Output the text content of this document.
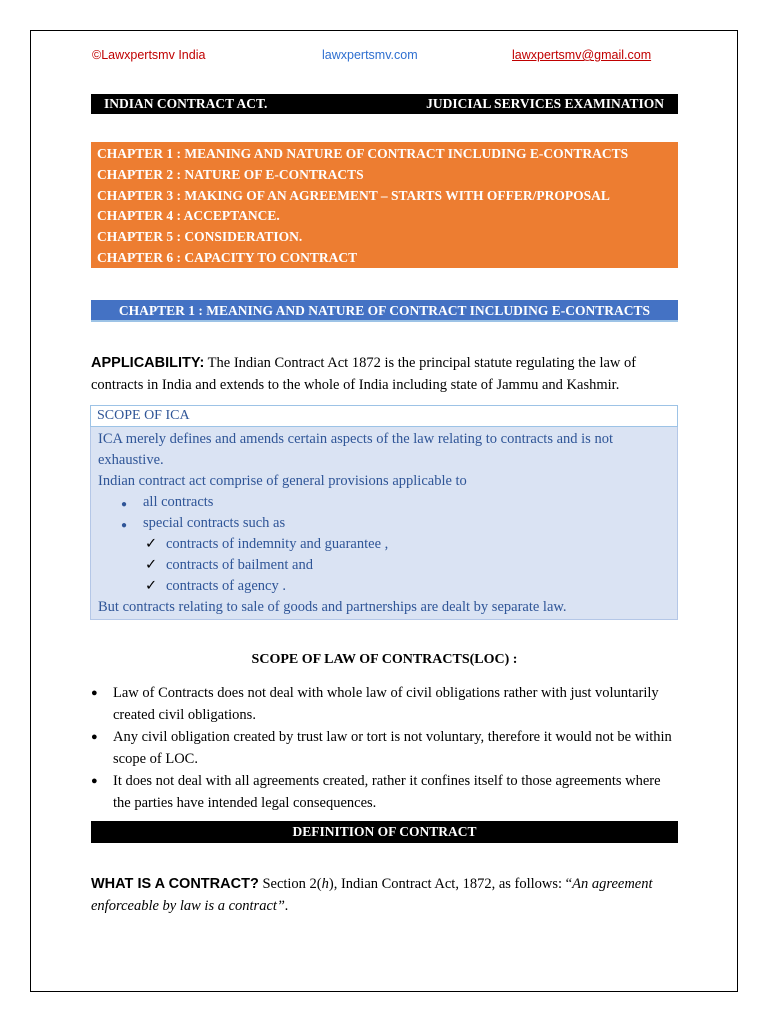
©Lawxpertsmv India	lawxpertsmv.com	lawxpertsmv@gmail.com
INDIAN CONTRACT ACT.	JUDICIAL SERVICES EXAMINATION
CHAPTER 1 : MEANING AND NATURE OF CONTRACT INCLUDING E-CONTRACTS
CHAPTER 2 : NATURE OF E-CONTRACTS
CHAPTER 3 : MAKING OF AN AGREEMENT – STARTS WITH OFFER/PROPOSAL
CHAPTER 4 : ACCEPTANCE.
CHAPTER 5 : CONSIDERATION.
CHAPTER 6 : CAPACITY TO CONTRACT
CHAPTER 1 : MEANING AND NATURE OF CONTRACT INCLUDING E-CONTRACTS
APPLICABILITY: The Indian Contract Act 1872 is the principal statute regulating the law of contracts in India and extends to the whole of India including state of Jammu and Kashmir.
SCOPE OF ICA
ICA merely defines and amends certain aspects of the law relating to contracts and is not
exhaustive.
Indian contract act comprise of general provisions applicable to
● all contracts
● special contracts such as
✓ contracts of indemnity and guarantee ,
✓ contracts of bailment and
✓ contracts of agency .
But contracts relating to sale of goods and partnerships are dealt by separate law.
SCOPE OF LAW OF CONTRACTS(LOC) :
● Law of Contracts does not deal with whole law of civil obligations rather with just voluntarily created civil obligations.
● Any civil obligation created by trust law or tort is not voluntary, therefore it would not be within scope of LOC.
● It does not deal with all agreements created, rather it confines itself to those agreements where the parties have intended legal consequences.
DEFINITION OF CONTRACT
WHAT IS A CONTRACT? Section 2(h), Indian Contract Act, 1872, as follows: “An agreement enforceable by law is a contract”.
